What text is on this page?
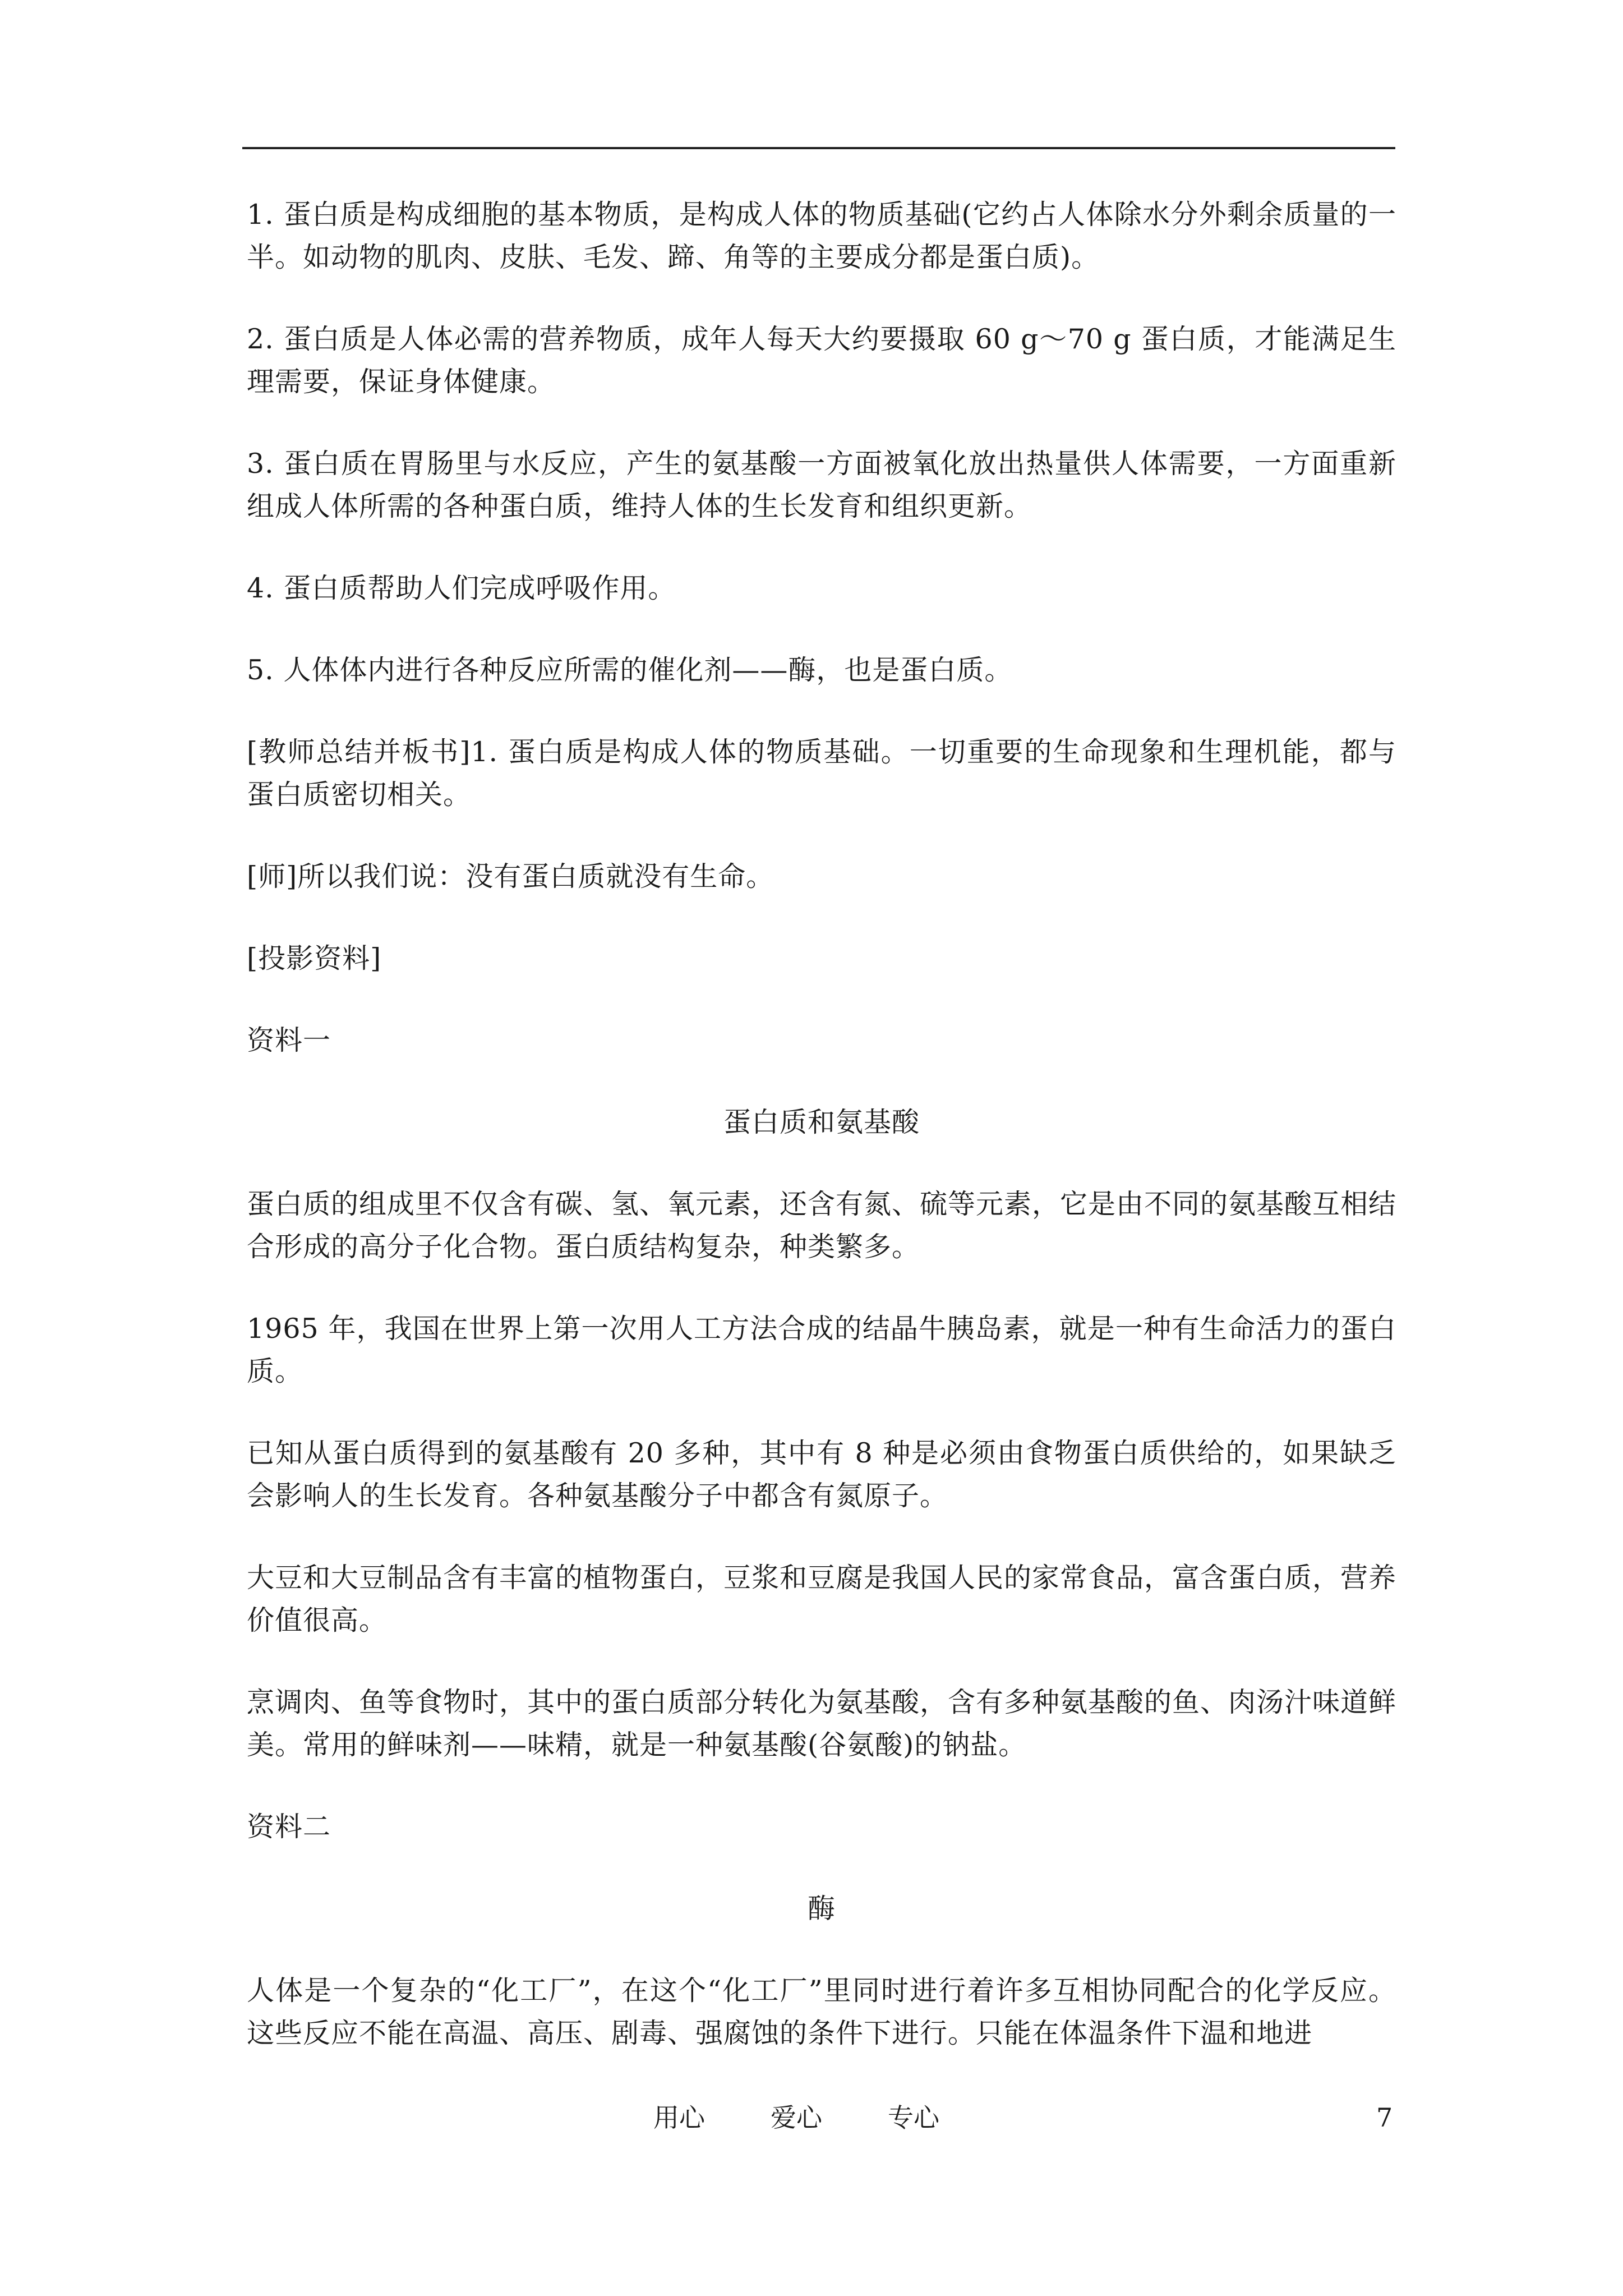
1. 蛋白质是构成细胞的基本物质，是构成人体的物质基础(它约占人体除水分外剩余质量的一半。如动物的肌肉、皮肤、毛发、蹄、角等的主要成分都是蛋白质)。

2. 蛋白质是人体必需的营养物质，成年人每天大约要摄取 60 g～70 g 蛋白质，才能满足生理需要，保证身体健康。

3. 蛋白质在胃肠里与水反应，产生的氨基酸一方面被氧化放出热量供人体需要，一方面重新组成人体所需的各种蛋白质，维持人体的生长发育和组织更新。

4. 蛋白质帮助人们完成呼吸作用。

5. 人体体内进行各种反应所需的催化剂——酶，也是蛋白质。

[教师总结并板书]1. 蛋白质是构成人体的物质基础。一切重要的生命现象和生理机能，都与蛋白质密切相关。

[师]所以我们说：没有蛋白质就没有生命。

[投影资料]

资料一

蛋白质和氨基酸

蛋白质的组成里不仅含有碳、氢、氧元素，还含有氮、硫等元素，它是由不同的氨基酸互相结合形成的高分子化合物。蛋白质结构复杂，种类繁多。

1965 年，我国在世界上第一次用人工方法合成的结晶牛胰岛素，就是一种有生命活力的蛋白质。

已知从蛋白质得到的氨基酸有 20 多种，其中有 8 种是必须由食物蛋白质供给的，如果缺乏会影响人的生长发育。各种氨基酸分子中都含有氮原子。

大豆和大豆制品含有丰富的植物蛋白，豆浆和豆腐是我国人民的家常食品，富含蛋白质，营养价值很高。

烹调肉、鱼等食物时，其中的蛋白质部分转化为氨基酸，含有多种氨基酸的鱼、肉汤汁味道鲜美。常用的鲜味剂——味精，就是一种氨基酸(谷氨酸)的钠盐。

资料二

酶

人体是一个复杂的“化工厂”，在这个“化工厂”里同时进行着许多互相协同配合的化学反应。这些反应不能在高温、高压、剧毒、强腐蚀的条件下进行。只能在体温条件下温和地进

用心        爱心        专心	7
